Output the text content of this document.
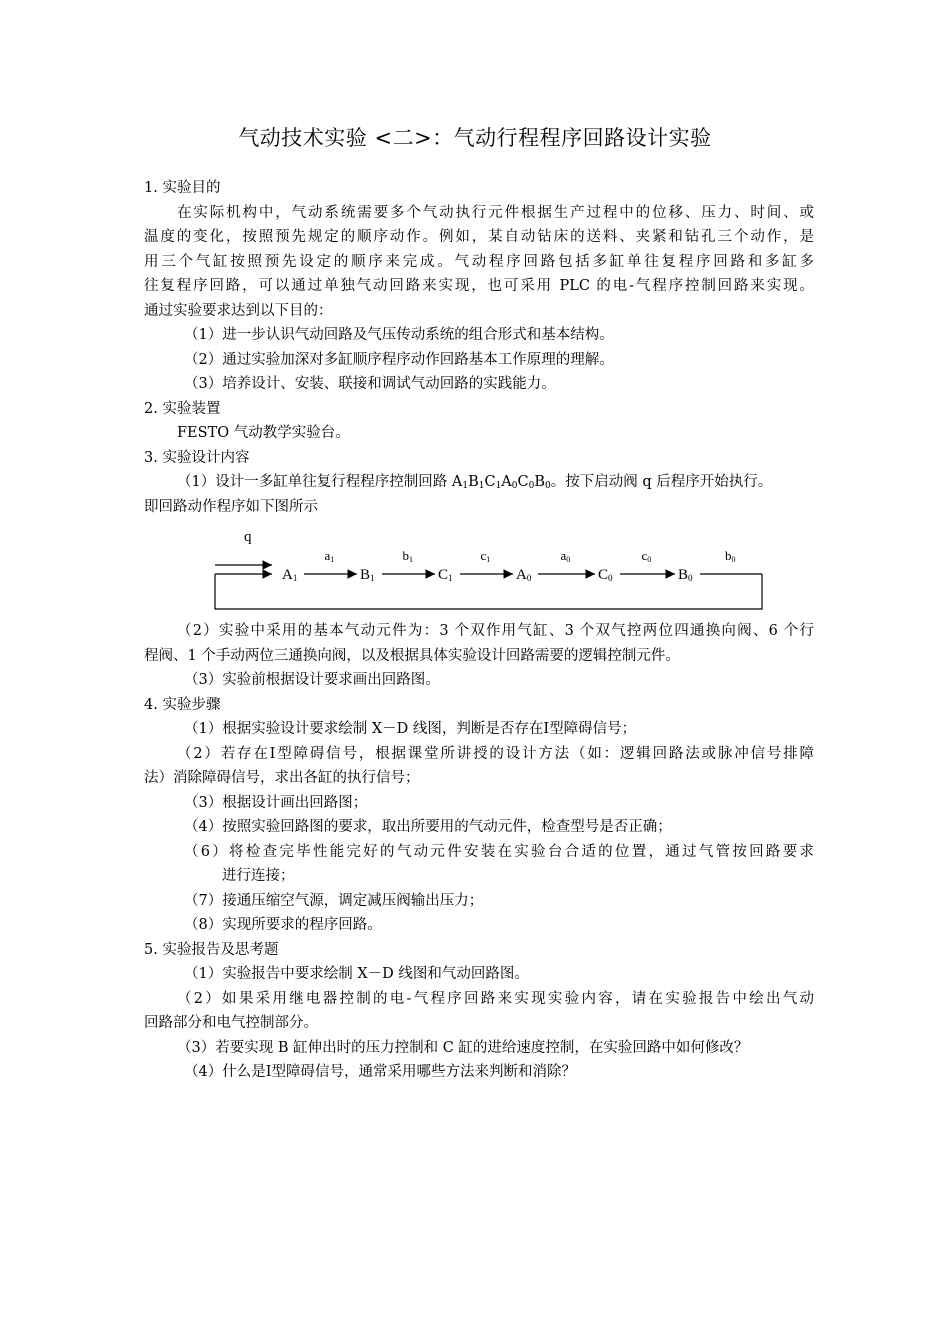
气动技术实验 <二>：气动行程程序回路设计实验
1. 实验目的
在实际机构中，气动系统需要多个气动执行元件根据生产过程中的位移、压力、时间、或
温度的变化，按照预先规定的顺序动作。例如，某自动钻床的送料、夹紧和钻孔三个动作，是
用三个气缸按照预先设定的顺序来完成。气动程序回路包括多缸单往复程序回路和多缸多
往复程序回路，可以通过单独气动回路来实现，也可采用 PLC 的电-气程序控制回路来实现。
通过实验要求达到以下目的：
（1）进一步认识气动回路及气压传动系统的组合形式和基本结构。
（2）通过实验加深对多缸顺序程序动作回路基本工作原理的理解。
（3）培养设计、安装、联接和调试气动回路的实践能力。
2. 实验装置
FESTO 气动教学实验台。
3. 实验设计内容
（1）设计一多缸单往复行程程序控制回路 $A_1B_1C_1A_0C_0B_0$。按下启动阀 q 后程序开始执行。
即回路动作程序如下图所示
q
A1	B1	C1	A0	C0	B0
a1	b1	c1	a0	c0	b0
（2）实验中采用的基本气动元件为：3 个双作用气缸、3 个双气控两位四通换向阀、6 个行
程阀、1 个手动两位三通换向阀，以及根据具体实验设计回路需要的逻辑控制元件。
（3）实验前根据设计要求画出回路图。
4. 实验步骤
（1）根据实验设计要求绘制 X－D 线图，判断是否存在Ⅰ型障碍信号；
（2）若存在Ⅰ型障碍信号，根据课堂所讲授的设计方法（如：逻辑回路法或脉冲信号排障
法）消除障碍信号，求出各缸的执行信号；
（3）根据设计画出回路图；
（4）按照实验回路图的要求，取出所要用的气动元件，检查型号是否正确；
（6）将检查完毕性能完好的气动元件安装在实验台合适的位置，通过气管按回路要求
进行连接；
（7）接通压缩空气源，调定减压阀输出压力；
（8）实现所要求的程序回路。
5. 实验报告及思考题
（1）实验报告中要求绘制 X－D 线图和气动回路图。
（2）如果采用继电器控制的电-气程序回路来实现实验内容，请在实验报告中绘出气动
回路部分和电气控制部分。
（3）若要实现 B 缸伸出时的压力控制和 C 缸的进给速度控制，在实验回路中如何修改？
（4）什么是Ⅰ型障碍信号，通常采用哪些方法来判断和消除？
